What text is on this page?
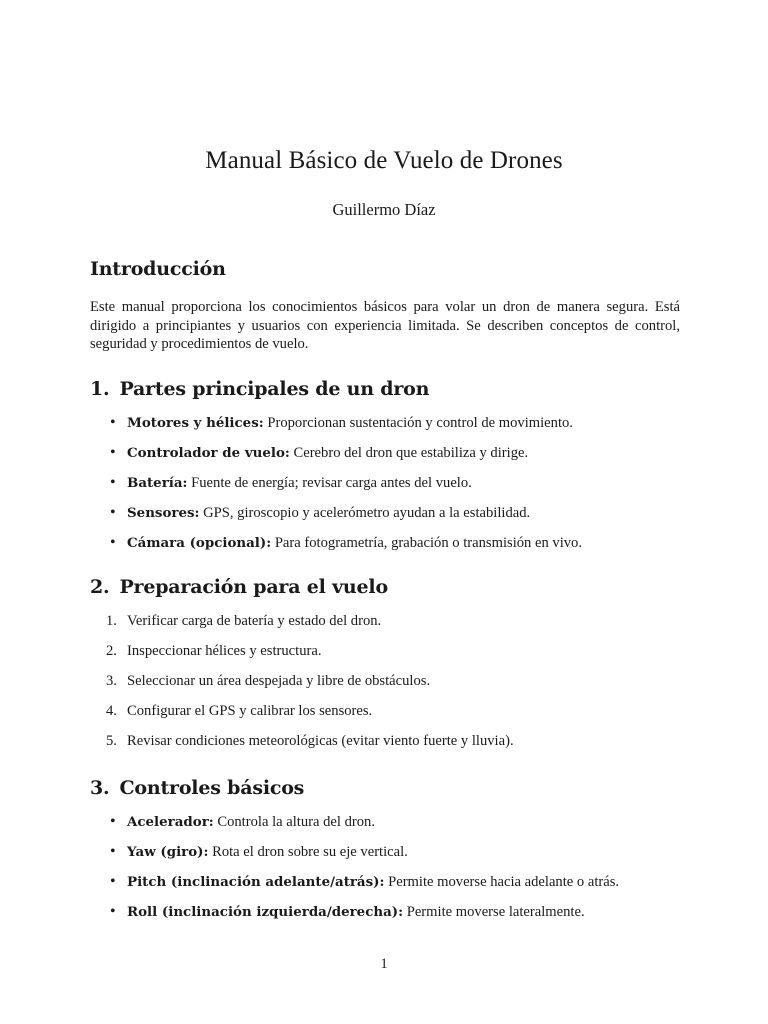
Manual Básico de Vuelo de Drones
Guillermo Díaz
Introducción

Este manual proporciona los conocimientos básicos para volar un dron de manera segura. Está dirigido a principiantes y usuarios con experiencia limitada. Se describen conceptos de control, seguridad y procedimientos de vuelo.

1. Partes principales de un dron
• Motores y hélices: Proporcionan sustentación y control de movimiento.
• Controlador de vuelo: Cerebro del dron que estabiliza y dirige.
• Batería: Fuente de energía; revisar carga antes del vuelo.
• Sensores: GPS, giroscopio y acelerómetro ayudan a la estabilidad.
• Cámara (opcional): Para fotogrametría, grabación o transmisión en vivo.
2. Preparación para el vuelo
1. Verificar carga de batería y estado del dron.
2. Inspeccionar hélices y estructura.
3. Seleccionar un área despejada y libre de obstáculos.
4. Configurar el GPS y calibrar los sensores.
5. Revisar condiciones meteorológicas (evitar viento fuerte y lluvia).
3. Controles básicos
• Acelerador: Controla la altura del dron.
• Yaw (giro): Rota el dron sobre su eje vertical.
• Pitch (inclinación adelante/atrás): Permite moverse hacia adelante o atrás.
• Roll (inclinación izquierda/derecha): Permite moverse lateralmente.
1
